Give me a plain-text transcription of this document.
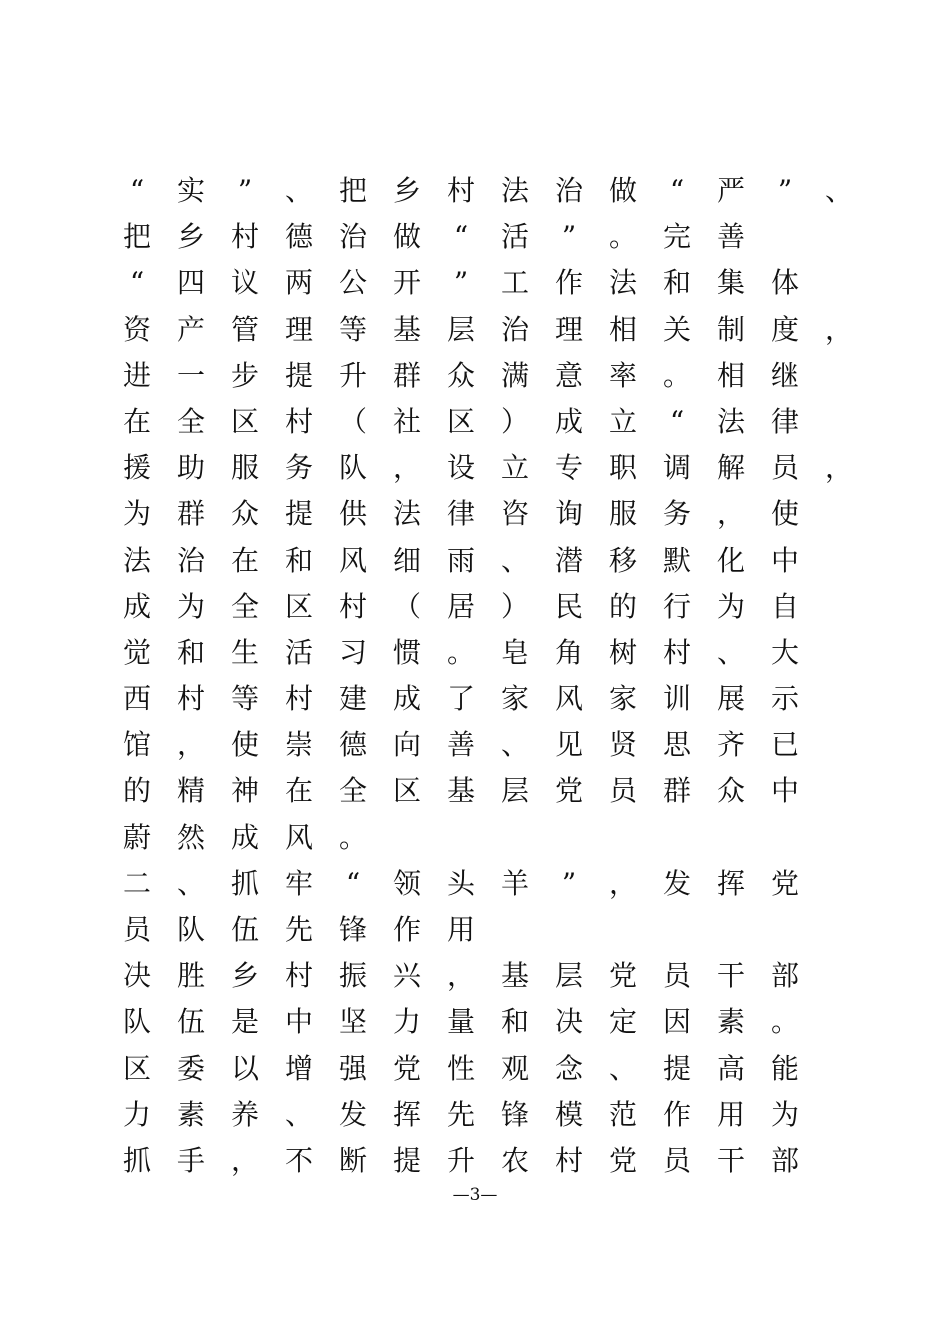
“	实	”	、 把 乡 村 法 治 做	“	严	”	、
把 乡 村 德 治 做	“	活	”	。 完 善
“	四 议 两 公 开	”	工 作 法 和 集 体
资 产 管 理 等 基 层 治 理 相 关 制 度 ，
进 一 步 提 升 群 众 满 意 率 。 相 继
在 全 区 村 （ 社 区 ） 成 立	“	法 律
援 助 服 务 队 ， 设 立 专 职 调 解 员 ，
为 群 众 提 供 法 律 咨 询 服 务 ， 使
法 治 在 和 风 细 雨 、 潜 移 默 化 中
成 为 全 区 村 （ 居 ） 民 的 行 为 自
觉 和 生 活 习 惯 。 皂 角 树 村 、 大
西 村 等 村 建 成 了 家 风 家 训 展 示
馆 ， 使 崇 德 向 善 、 见 贤 思 齐 已
的 精 神 在 全 区 基 层 党 员 群 众 中
蔚 然 成 风 。
二 、 抓 牢	“	领 头 羊	”	， 发 挥 党
员 队 伍 先 锋 作 用
决 胜 乡 村 振 兴 ， 基 层 党 员 干 部
队 伍 是 中 坚 力 量 和 决 定 因 素 。
区 委 以 增 强 党 性 观 念 、 提 高 能
力 素 养 、 发 挥 先 锋 模 范 作 用 为
抓 手 ， 不 断 提 升 农 村 党 员 干 部
—3—
